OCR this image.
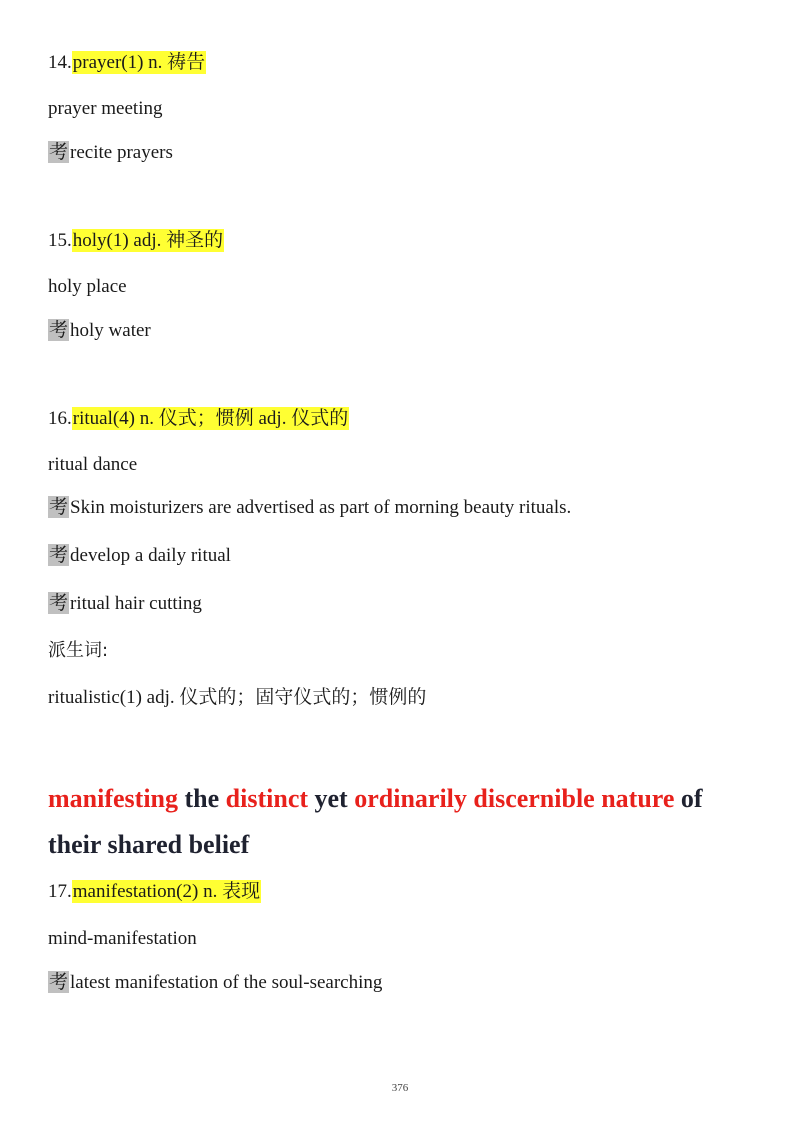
14.prayer(1) n. 祷告
prayer meeting
考 recite prayers
15.holy(1) adj. 神圣的
holy place
考 holy water
16.ritual(4) n. 仪式；惯例 adj. 仪式的
ritual dance
考 Skin moisturizers are advertised as part of morning beauty rituals.
考 develop a daily ritual
考 ritual hair cutting
派生词:
ritualistic(1) adj. 仪式的；固守仪式的；惯例的
manifesting the distinct yet ordinarily discernible nature of
their shared belief
17.manifestation(2) n. 表现
mind-manifestation
考 latest manifestation of the soul-searching
376
